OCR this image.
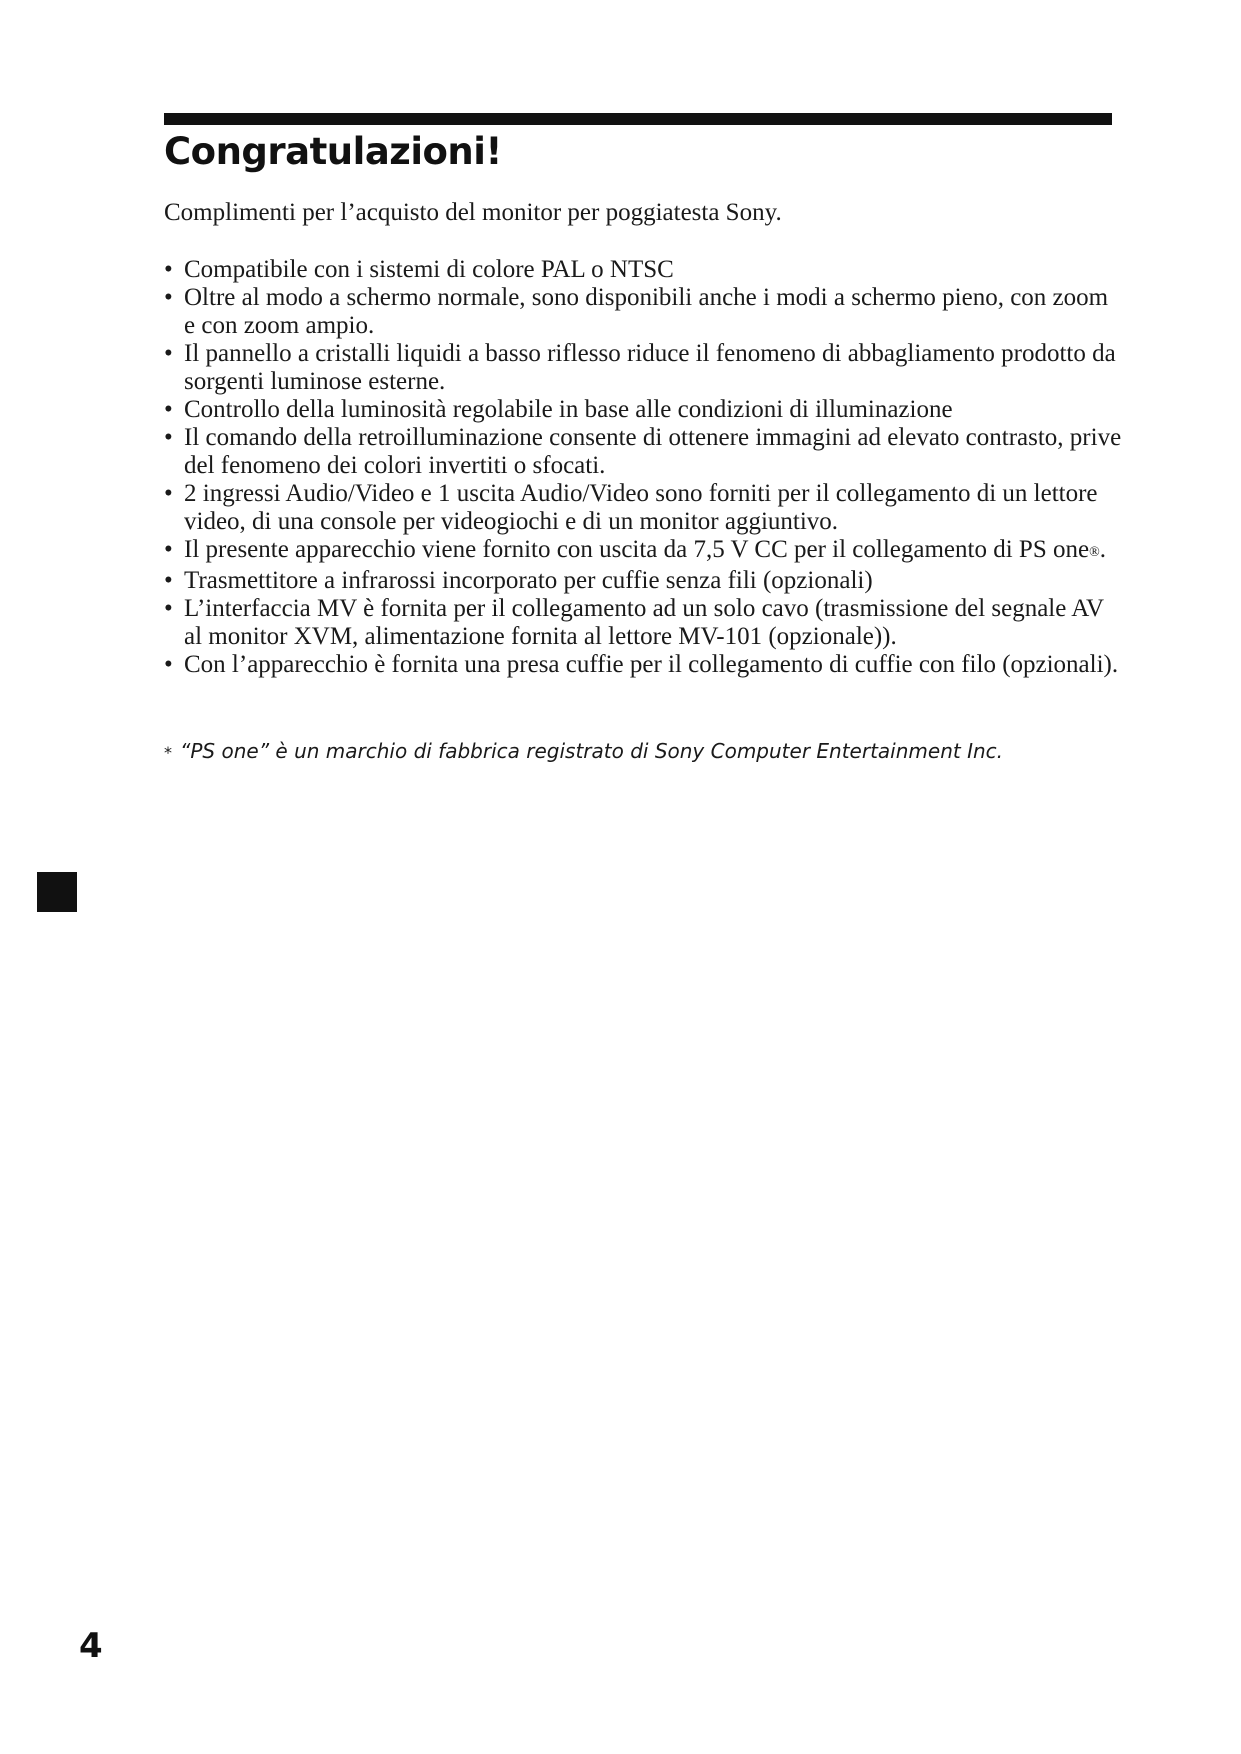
Congratulazioni!

Complimenti per l’acquisto del monitor per poggiatesta Sony.

• Compatibile con i sistemi di colore PAL o NTSC
• Oltre al modo a schermo normale, sono disponibili anche i modi a schermo pieno, con zoom e con zoom ampio.
• Il pannello a cristalli liquidi a basso riflesso riduce il fenomeno di abbagliamento prodotto da sorgenti luminose esterne.
• Controllo della luminosità regolabile in base alle condizioni di illuminazione
• Il comando della retroilluminazione consente di ottenere immagini ad elevato contrasto, prive del fenomeno dei colori invertiti o sfocati.
• 2 ingressi Audio/Video e 1 uscita Audio/Video sono forniti per il collegamento di un lettore video, di una console per videogiochi e di un monitor aggiuntivo.
• Il presente apparecchio viene fornito con uscita da 7,5 V CC per il collegamento di PS one®.
• Trasmettitore a infrarossi incorporato per cuffie senza fili (opzionali)
• L’interfaccia MV è fornita per il collegamento ad un solo cavo (trasmissione del segnale AV al monitor XVM, alimentazione fornita al lettore MV-101 (opzionale)).
• Con l’apparecchio è fornita una presa cuffie per il collegamento di cuffie con filo (opzionali).

* “PS one” è un marchio di fabbrica registrato di Sony Computer Entertainment Inc.

4
